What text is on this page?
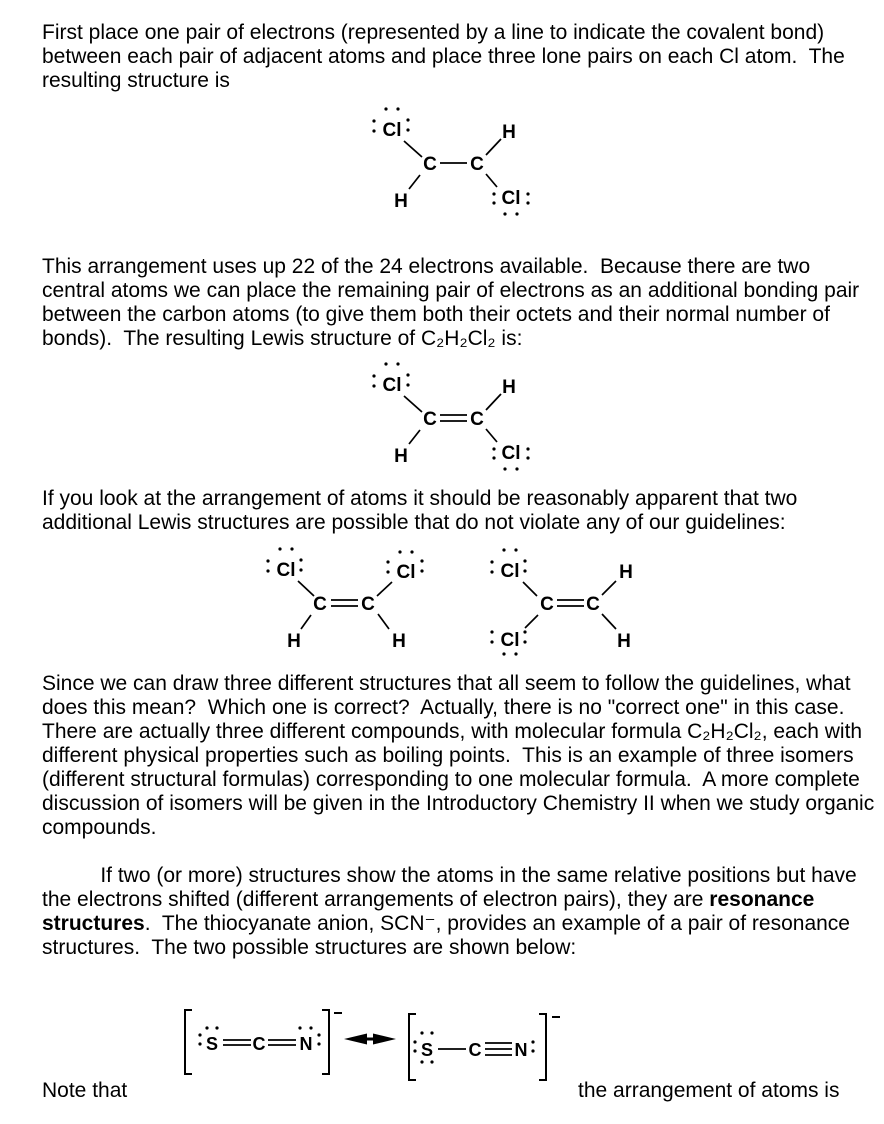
First place one pair of electrons (represented by a line to indicate the covalent bond)
between each pair of adjacent atoms and place three lone pairs on each Cl atom.  The
resulting structure is
This arrangement uses up 22 of the 24 electrons available.  Because there are two
central atoms we can place the remaining pair of electrons as an additional bonding pair
between the carbon atoms (to give them both their octets and their normal number of
bonds).  The resulting Lewis structure of C₂H₂Cl₂ is:
If you look at the arrangement of atoms it should be reasonably apparent that two
additional Lewis structures are possible that do not violate any of our guidelines:
Since we can draw three different structures that all seem to follow the guidelines, what
does this mean?  Which one is correct?  Actually, there is no "correct one" in this case.
There are actually three different compounds, with molecular formula C₂H₂Cl₂, each with
different physical properties such as boiling points.  This is an example of three isomers
(different structural formulas) corresponding to one molecular formula.  A more complete
discussion of isomers will be given in the Introductory Chemistry II when we study organic
compounds.
If two (or more) structures show the atoms in the same relative positions but have
the electrons shifted (different arrangements of electron pairs), they are resonance
structures.  The thiocyanate anion, SCN⁻, provides an example of a pair of resonance
structures.  The two possible structures are shown below:
Cl
C C
H
H	Cl
Cl
C C
H
H	Cl
Cl
C C
Cl
H	H
Cl
C C
H
H
Cl
S C N	S C N
Note that	the arrangement of atoms is
